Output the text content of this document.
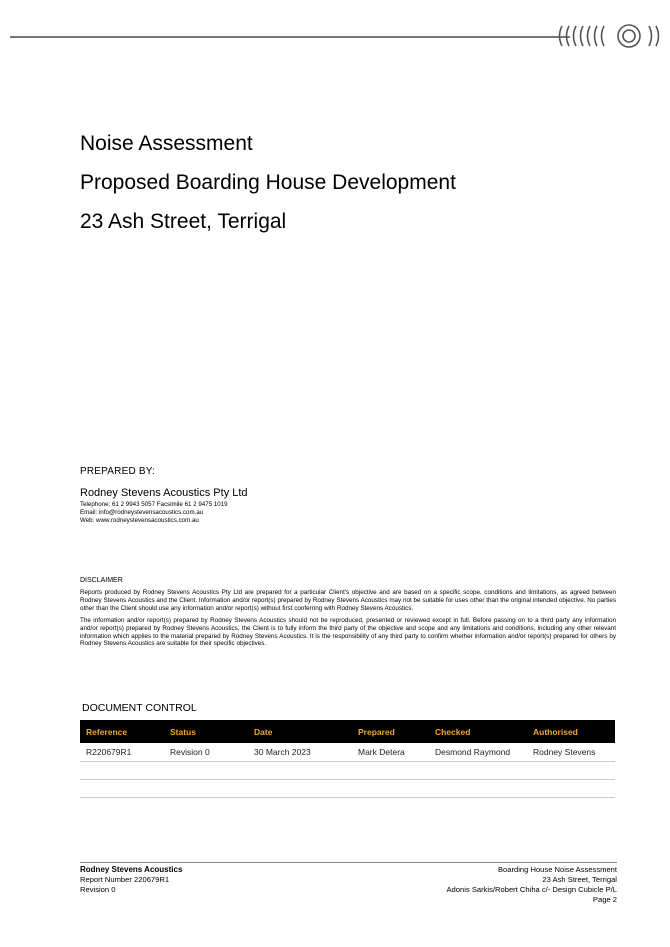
Noise Assessment
Proposed Boarding House Development
23 Ash Street, Terrigal
PREPARED BY:
Rodney Stevens Acoustics Pty Ltd
Telephone: 61 2 9943 5057 Facsimile 61 2 9475 1019
Email: info@rodneystevensacoustics.com.au
Web: www.rodneystevensacoustics.com.au
DISCLAIMER

Reports produced by Rodney Stevens Acoustics Pty Ltd are prepared for a particular Client's objective and are based on a specific scope, conditions and limitations, as agreed between Rodney Stevens Acoustics and the Client. Information and/or report(s) prepared by Rodney Stevens Acoustics may not be suitable for uses other than the original intended objective. No parties other than the Client should use any information and/or report(s) without first conferring with Rodney Stevens Acoustics.

The information and/or report(s) prepared by Rodney Stevens Acoustics should not be reproduced, presented or reviewed except in full. Before passing on to a third party any information and/or report(s) prepared by Rodney Stevens Acoustics, the Client is to fully inform the third party of the objective and scope and any limitations and conditions, including any other relevant information which applies to the material prepared by Rodney Stevens Acoustics. It is the responsibility of any third party to confirm whether information and/or report(s) prepared for others by Rodney Stevens Acoustics are suitable for their specific objectives.

DOCUMENT CONTROL
Reference	Status	Date	Prepared	Checked	Authorised
R220679R1	Revision 0	30 March 2023	Mark Detera	Desmond Raymond	Rodney Stevens

Rodney Stevens Acoustics
Report Number 220679R1
Revision 0
Boarding House Noise Assessment
23 Ash Street, Terrigal
Adonis Sarkis/Robert Chiha c/- Design Cubicle P/L
Page 2
